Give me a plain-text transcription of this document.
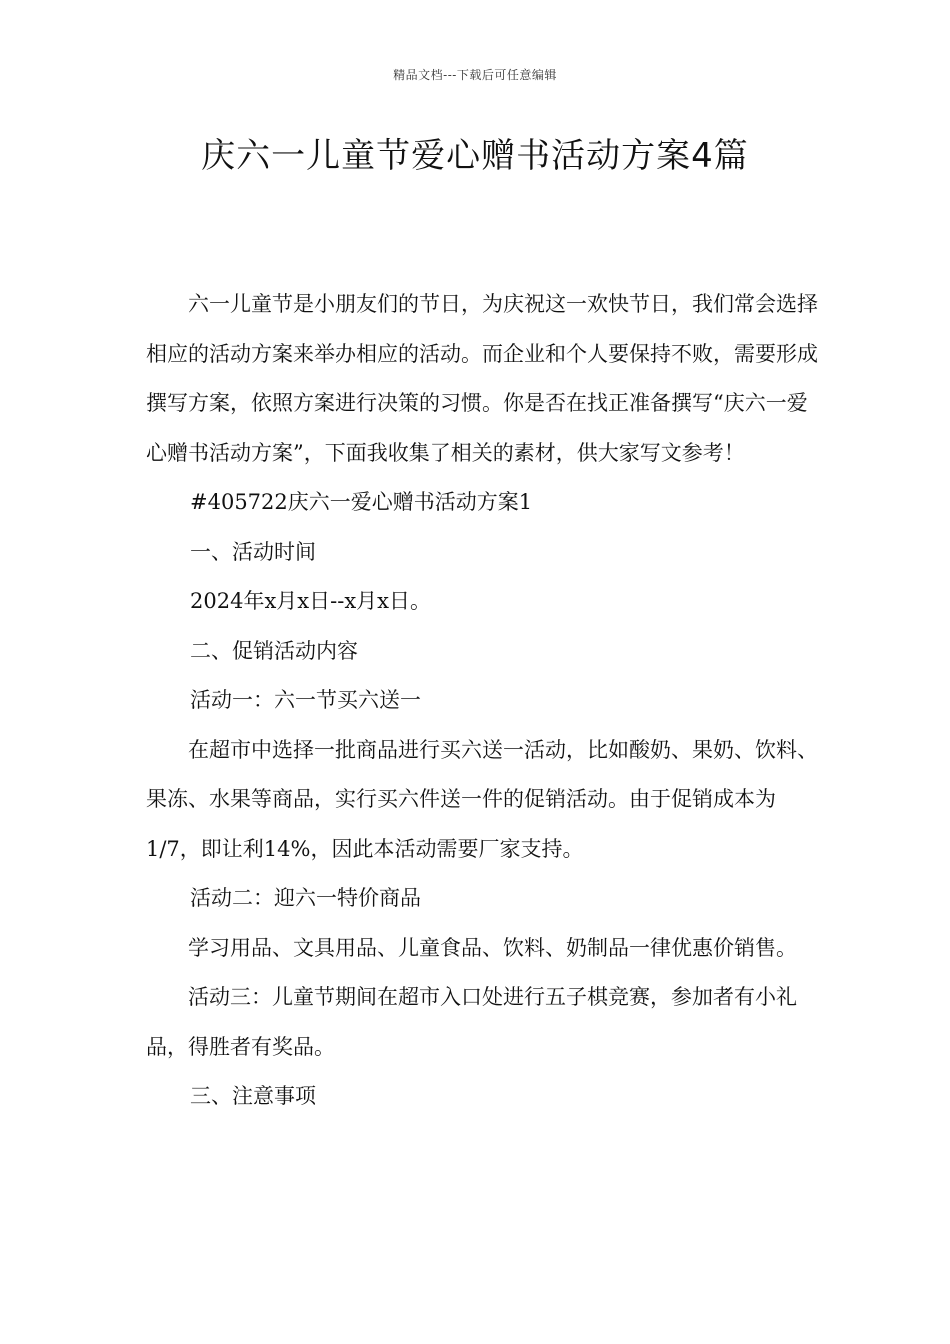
精品文档---下载后可任意编辑
庆六一儿童节爱心赠书活动方案4篇

六一儿童节是小朋友们的节日，为庆祝这一欢快节日，我们常会选择相应的活动方案来举办相应的活动。而企业和个人要保持不败，需要形成撰写方案，依照方案进行决策的习惯。你是否在找正准备撰写“庆六一爱心赠书活动方案”，下面我收集了相关的素材，供大家写文参考！

#405722庆六一爱心赠书活动方案1

一、活动时间

2024年x月x日--x月x日。

二、促销活动内容

活动一：六一节买六送一

在超市中选择一批商品进行买六送一活动，比如酸奶、果奶、饮料、果冻、水果等商品，实行买六件送一件的促销活动。由于促销成本为1/7，即让利14%，因此本活动需要厂家支持。

活动二：迎六一特价商品

学习用品、文具用品、儿童食品、饮料、奶制品一律优惠价销售。

活动三：儿童节期间在超市入口处进行五子棋竞赛，参加者有小礼品，得胜者有奖品。

三、注意事项
